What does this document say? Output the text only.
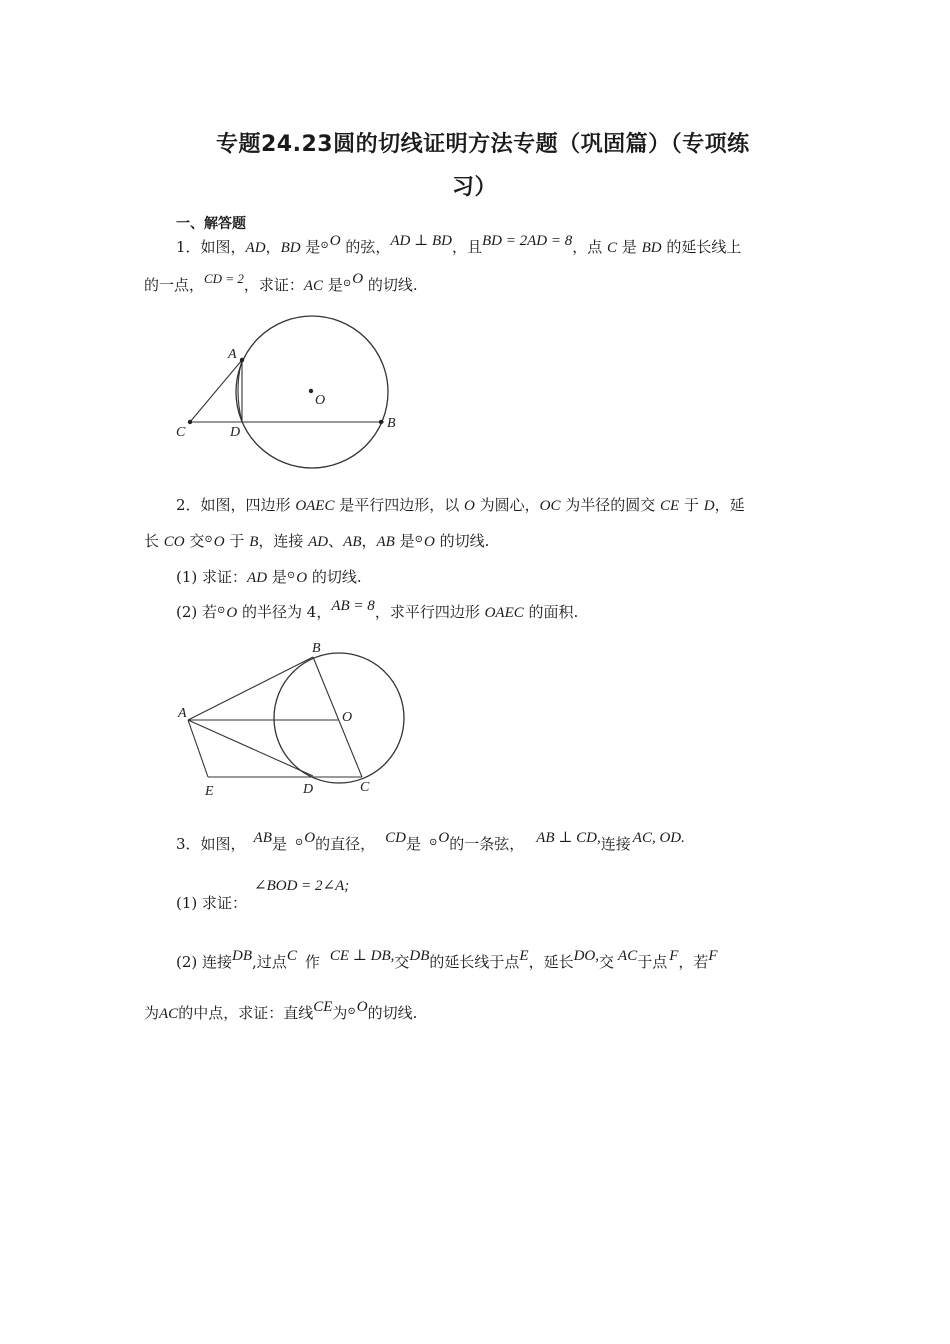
专题24.23圆的切线证明方法专题（巩固篇）（专项练
习）
一、解答题
1．如图，AD，BD 是⊙O 的弦，AD ⊥ BD，且BD = 2AD = 8，点 C 是 BD 的延长线上
的一点，CD = 2，求证：AC 是⊙O 的切线.
A
C	D
B
O
2．如图，四边形 OAEC 是平行四边形，以 O 为圆心，OC 为半径的圆交 CE 于 D，延
长 CO 交⊙O 于 B，连接 AD、AB，AB 是⊙O 的切线.
(1) 求证：AD 是⊙O 的切线.
(2) 若⊙O 的半径为 4，AB = 8，求平行四边形 OAEC 的面积.
A
B
O
E	D	C
3．如图， AB是 ⊙O的直径， CD是 ⊙O的一条弦， AB ⊥ CD,连接 AC, OD.
(1) 求证：
∠BOD = 2∠A;
(2) 连接DB,过点C 作 CE ⊥ DB,交DB的延长线于点E，延长DO,交 AC于点 F，若F
为AC的中点，求证：直线CE为⊙O的切线.
